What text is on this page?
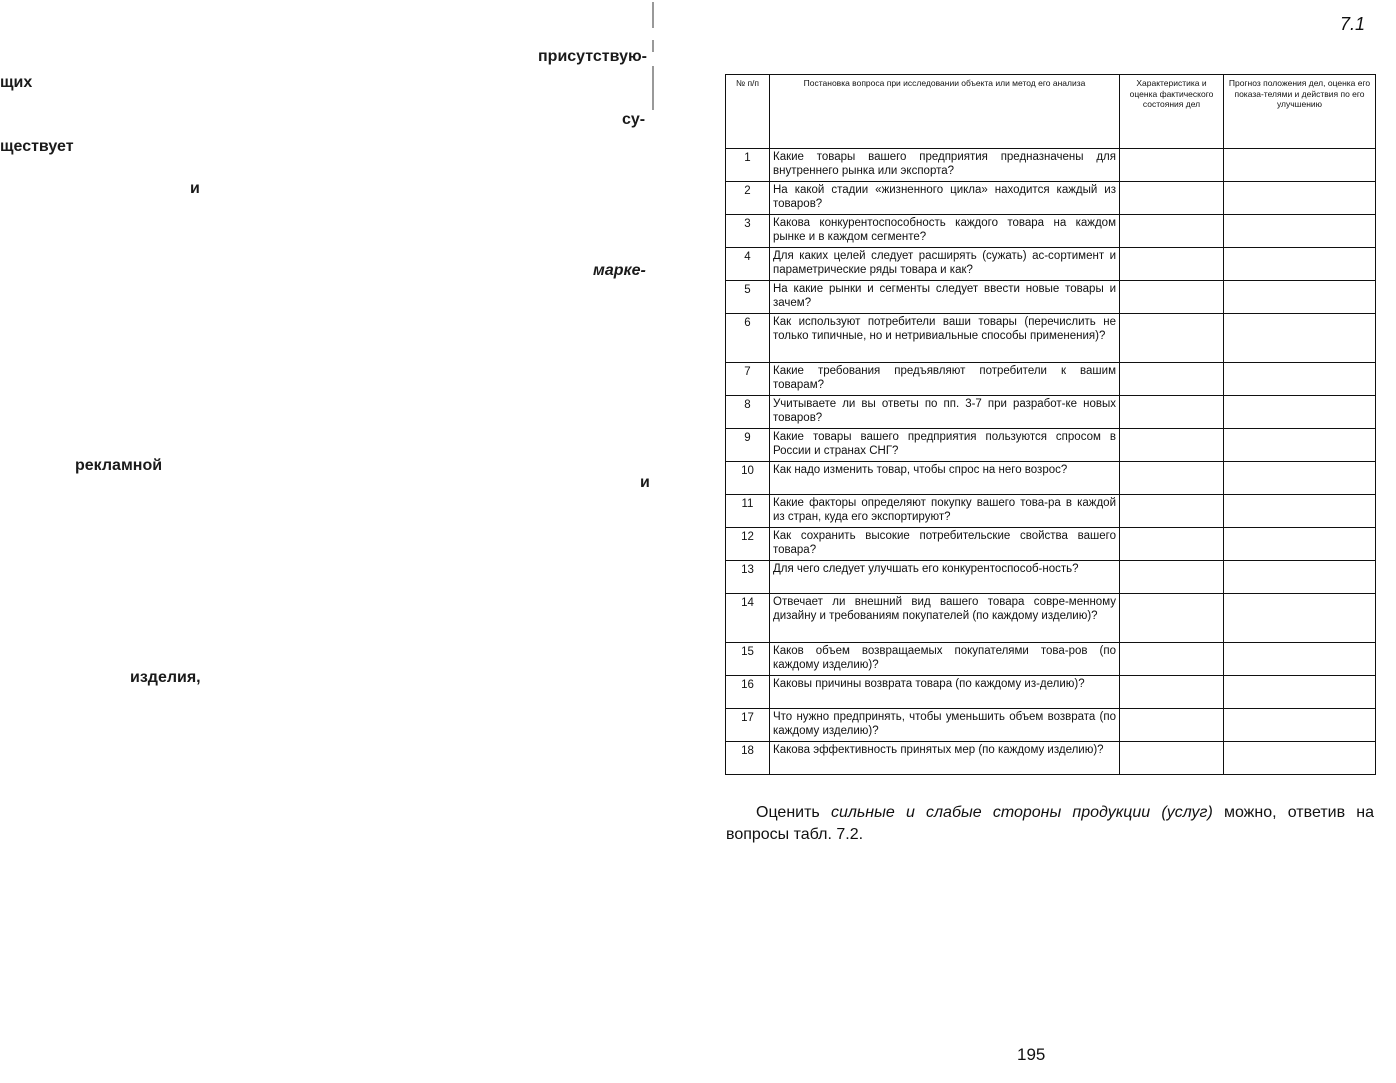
присутствую-
щих
су-
ществует
и
марке-
рекламной
и
изделия,
7.1
№ п/п	Постановка вопроса при исследовании объекта или метод его анализа	Характеристика и оценка фактического состояния дел	Прогноз положения дел, оценка его показа-телями и действия по его улучшению
1	Какие товары вашего предприятия предназначены для внутреннего рынка или экспорта?		
2	На какой стадии «жизненного цикла» находится каждый из товаров?		
3	Какова конкурентоспособность каждого товара на каждом рынке и в каждом сегменте?		
4	Для каких целей следует расширять (сужать) ас-сортимент и параметрические ряды товара и как?		
5	На какие рынки и сегменты следует ввести новые товары и зачем?		
6	Как используют потребители ваши товары (перечислить не только типичные, но и нетривиальные способы применения)?		
7	Какие требования предъявляют потребители к вашим товарам?		
8	Учитываете ли вы ответы по пп. 3-7 при разработ-ке новых товаров?		
9	Какие товары вашего предприятия пользуются спросом в России и странах СНГ?		
10	Как надо изменить товар, чтобы спрос на него возрос?		
11	Какие факторы определяют покупку вашего това-ра в каждой из стран, куда его экспортируют?		
12	Как сохранить высокие потребительские свойства вашего товара?		
13	Для чего следует улучшать его конкурентоспособ-ность?		
14	Отвечает ли внешний вид вашего товара совре-менному дизайну и требованиям покупателей (по каждому изделию)?		
15	Каков объем возвращаемых покупателями това-ров (по каждому изделию)?		
16	Каковы причины возврата товара (по каждому из-делию)?		
17	Что нужно предпринять, чтобы уменьшить объем возврата (по каждому изделию)?		
18	Какова эффективность принятых мер (по каждому изделию)?		
Оценить сильные и слабые стороны продукции (услуг) можно, ответив на вопросы табл. 7.2.
195
